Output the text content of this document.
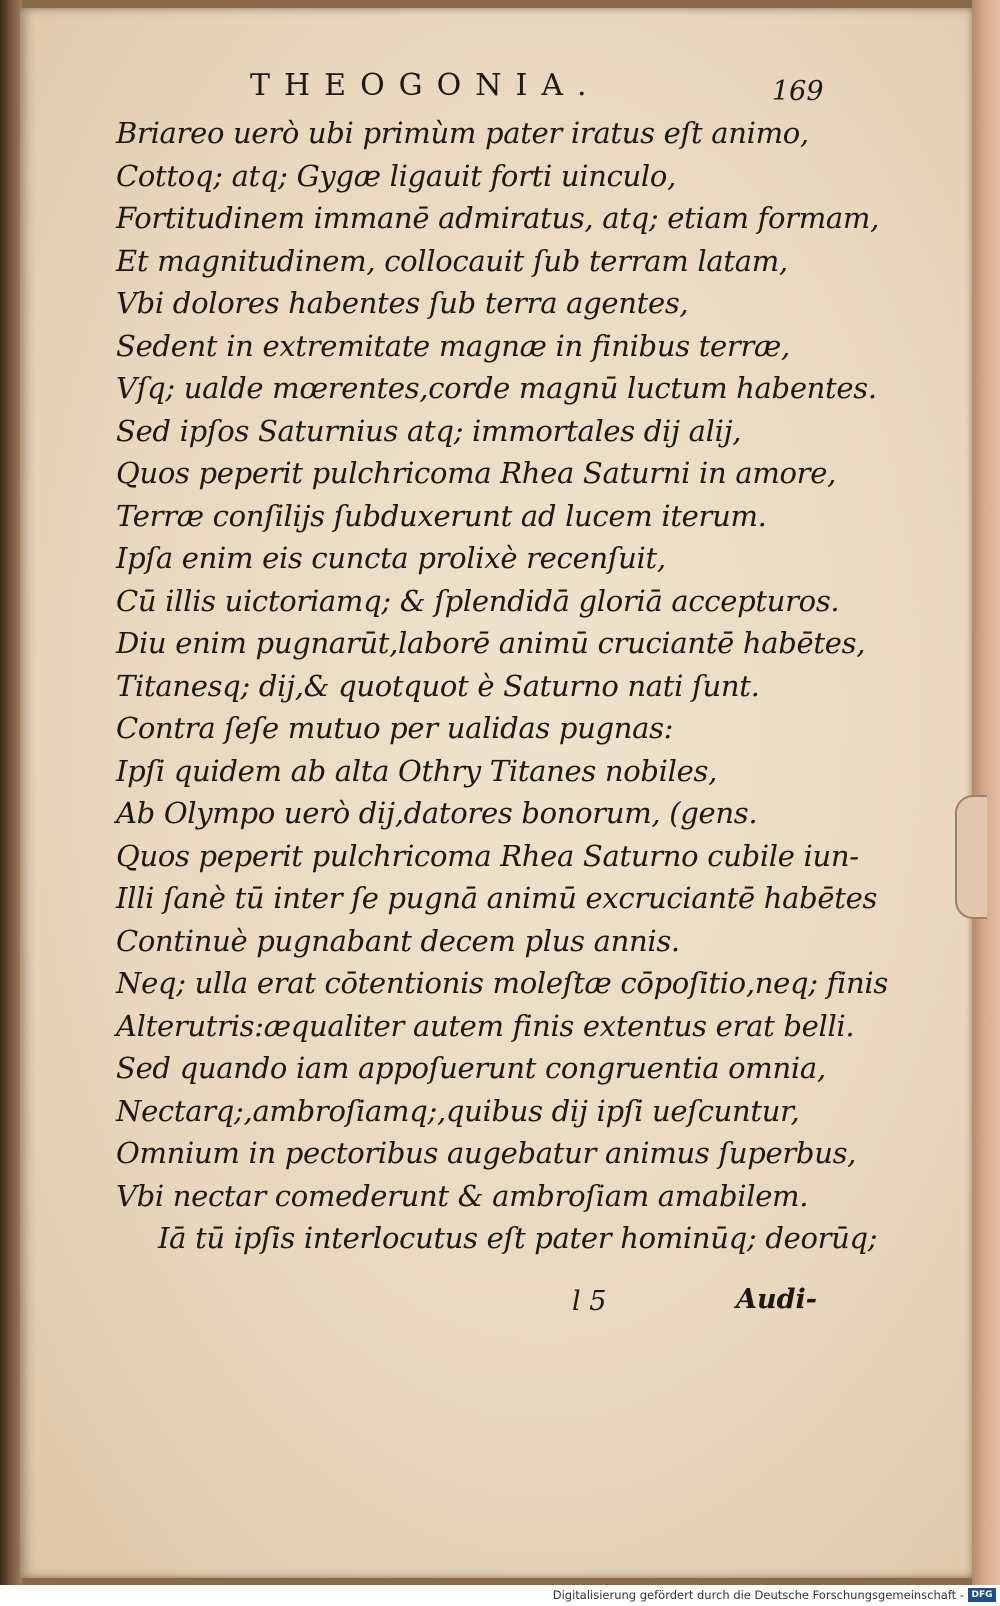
THEOGONIA.	169
Briareo uerò ubi primùm pater iratus eſt animo,
Cottoq; atq; Gygæ ligauit forti uinculo,
Fortitudinem immanē admiratus, atq; etiam formam,
Et magnitudinem, collocauit ſub terram latam,
Vbi dolores habentes ſub terra agentes,
Sedent in extremitate magnæ in finibus terræ,
Vſq; ualde mœrentes,corde magnū luctum habentes.
Sed ipſos Saturnius atq; immortales dij alij,
Quos peperit pulchricoma Rhea Saturni in amore,
Terræ conſilijs ſubduxerunt ad lucem iterum.
Ipſa enim eis cuncta prolixè recenſuit,
Cū illis uictoriamq; & ſplendidā gloriā accepturos.
Diu enim pugnarūt,laborē animū cruciantē habētes,
Titanesq; dij,& quotquot è Saturno nati ſunt.
Contra ſeſe mutuo per ualidas pugnas:
Ipſi quidem ab alta Othry Titanes nobiles,
Ab Olympo uerò dij,datores bonorum, (gens.
Quos peperit pulchricoma Rhea Saturno cubile iun-
Illi ſanè tū inter ſe pugnā animū excruciantē habētes
Continuè pugnabant decem plus annis.
Neq; ulla erat cōtentionis moleſtæ cōpoſitio,neq; finis
Alterutris:æqualiter autem finis extentus erat belli.
Sed quando iam appoſuerunt congruentia omnia,
Nectarq;,ambroſiamq;,quibus dij ipſi ueſcuntur,
Omnium in pectoribus augebatur animus ſuperbus,
Vbi nectar comederunt & ambroſiam amabilem.
Iā tū ipſis interlocutus eſt pater hominūq; deorūq;
l 5	Audi-
Digitalisierung gefördert durch die Deutsche Forschungsgemeinschaft - DFG
